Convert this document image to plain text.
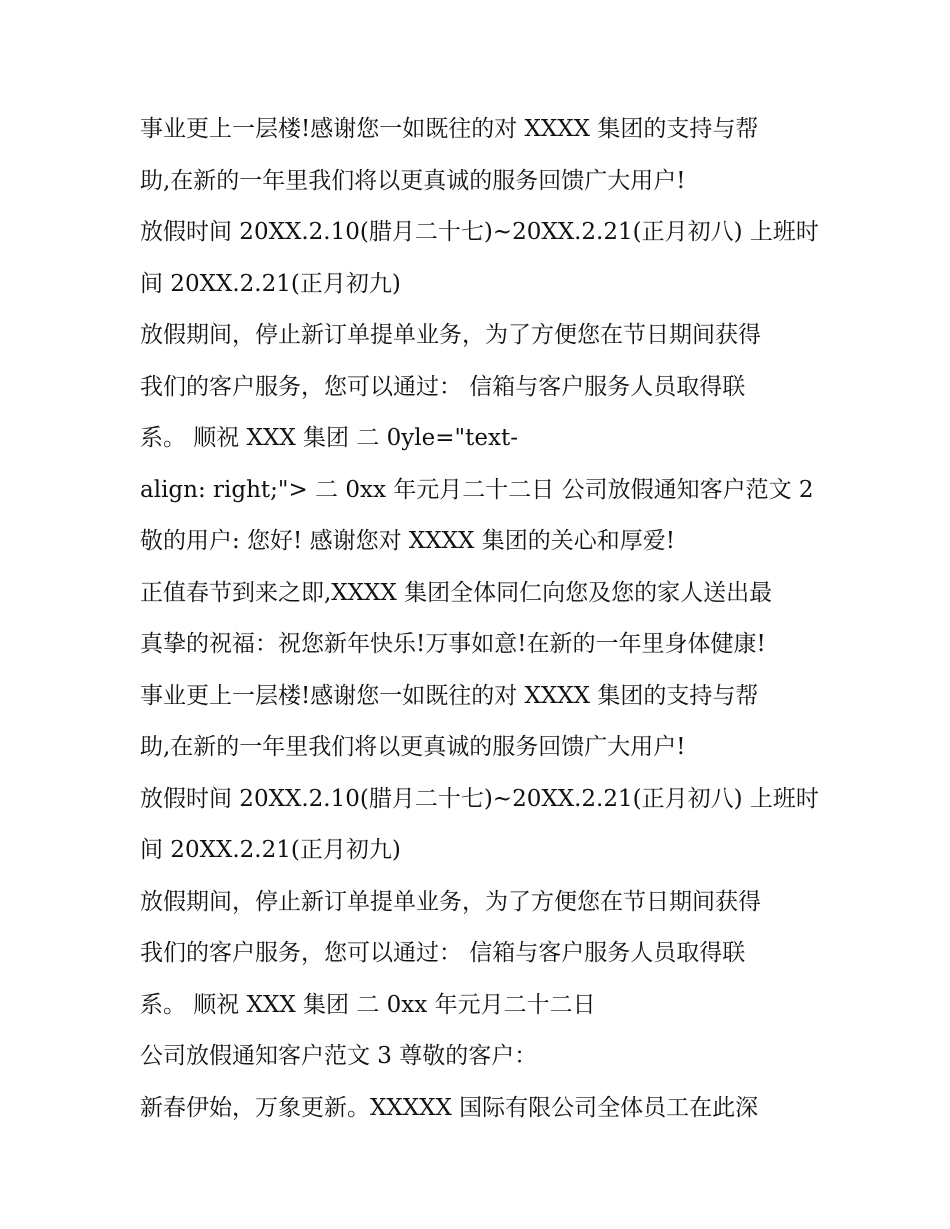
事业更上一层楼!感谢您一如既往的对 XXXX 集团的支持与帮
助,在新的一年里我们将以更真诚的服务回馈广大用户!
放假时间 20XX.2.10(腊月二十七)~20XX.2.21(正月初八) 上班时
间 20XX.2.21(正月初九)
放假期间，停止新订单提单业务，为了方便您在节日期间获得
我们的客户服务，您可以通过： 信箱与客户服务人员取得联
系。 顺祝 XXX 集团 二 0yle="text-
align: right;"> 二 0xx 年元月二十二日 公司放假通知客户范文 2
敬的用户: 您好! 感谢您对 XXXX 集团的关心和厚爱!
正值春节到来之即,XXXX 集团全体同仁向您及您的家人送出最
真挚的祝福：祝您新年快乐!万事如意!在新的一年里身体健康!
事业更上一层楼!感谢您一如既往的对 XXXX 集团的支持与帮
助,在新的一年里我们将以更真诚的服务回馈广大用户!
放假时间 20XX.2.10(腊月二十七)~20XX.2.21(正月初八) 上班时
间 20XX.2.21(正月初九)
放假期间，停止新订单提单业务，为了方便您在节日期间获得
我们的客户服务，您可以通过： 信箱与客户服务人员取得联
系。 顺祝 XXX 集团 二 0xx 年元月二十二日
公司放假通知客户范文 3 尊敬的客户：
新春伊始，万象更新。XXXXX 国际有限公司全体员工在此深
